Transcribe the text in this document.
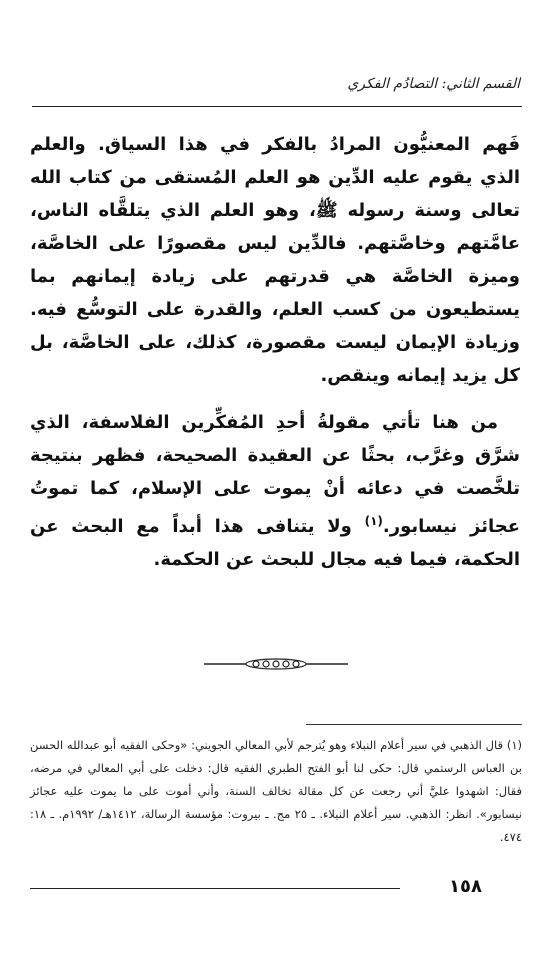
القسم الثاني: التصادُم الفكري

فَهم المعنيُّون المرادُ بالفكر في هذا السياق. والعلم الذي يقوم عليه الدِّين هو العلم المُستقى من كتاب الله تعالى وسنة رسوله ﷺ، وهو العلم الذي يتلقَّاه الناس، عامَّتهم وخاصَّتهم. فالدِّين ليس مقصورًا على الخاصَّة، وميزة الخاصَّة هي قدرتهم على زيادة إيمانهم بما يستطيعون من كسب العلم، والقدرة على التوسُّع فيه. وزيادة الإيمان ليست مقصورة، كذلك، على الخاصَّة، بل كل يزيد إيمانه وينقص.

من هنا تأتي مقولةُ أحدِ المُفكِّرين الفلاسفة، الذي شرَّق وغرَّب، بحثًا عن العقيدة الصحيحة، فظهر بنتيجة تلخَّصت في دعائه أنْ يموت على الإسلام، كما تموتُ عجائز نيسابور.$^{(١)}$ ولا يتنافى هذا أبداً مع البحث عن الحكمة، فيما فيه مجال للبحث عن الحكمة.

(١) قال الذهبي في سير أعلام النبلاء وهو يُترجم لأبي المعالي الجويني: «وحكى الفقيه أبو عبدالله الحسن بن العباس الرستمي قال: حكى لنا أبو الفتح الطبري الفقيه قال: دخلت على أبي المعالي في مرضه، فقال: اشهدوا عليَّ أني رجعت عن كل مقالة تخالف السنة، وأني أموت على ما يموت عليه عجائز نيسابور». انظر: الذهبي. سير أعلام النبلاء. ـ ٢٥ مج. ـ بيروت: مؤسسة الرسالة، ١٤١٢هـ/ ١٩٩٢م. ـ ١٨: ٤٧٤.

١٥٨
